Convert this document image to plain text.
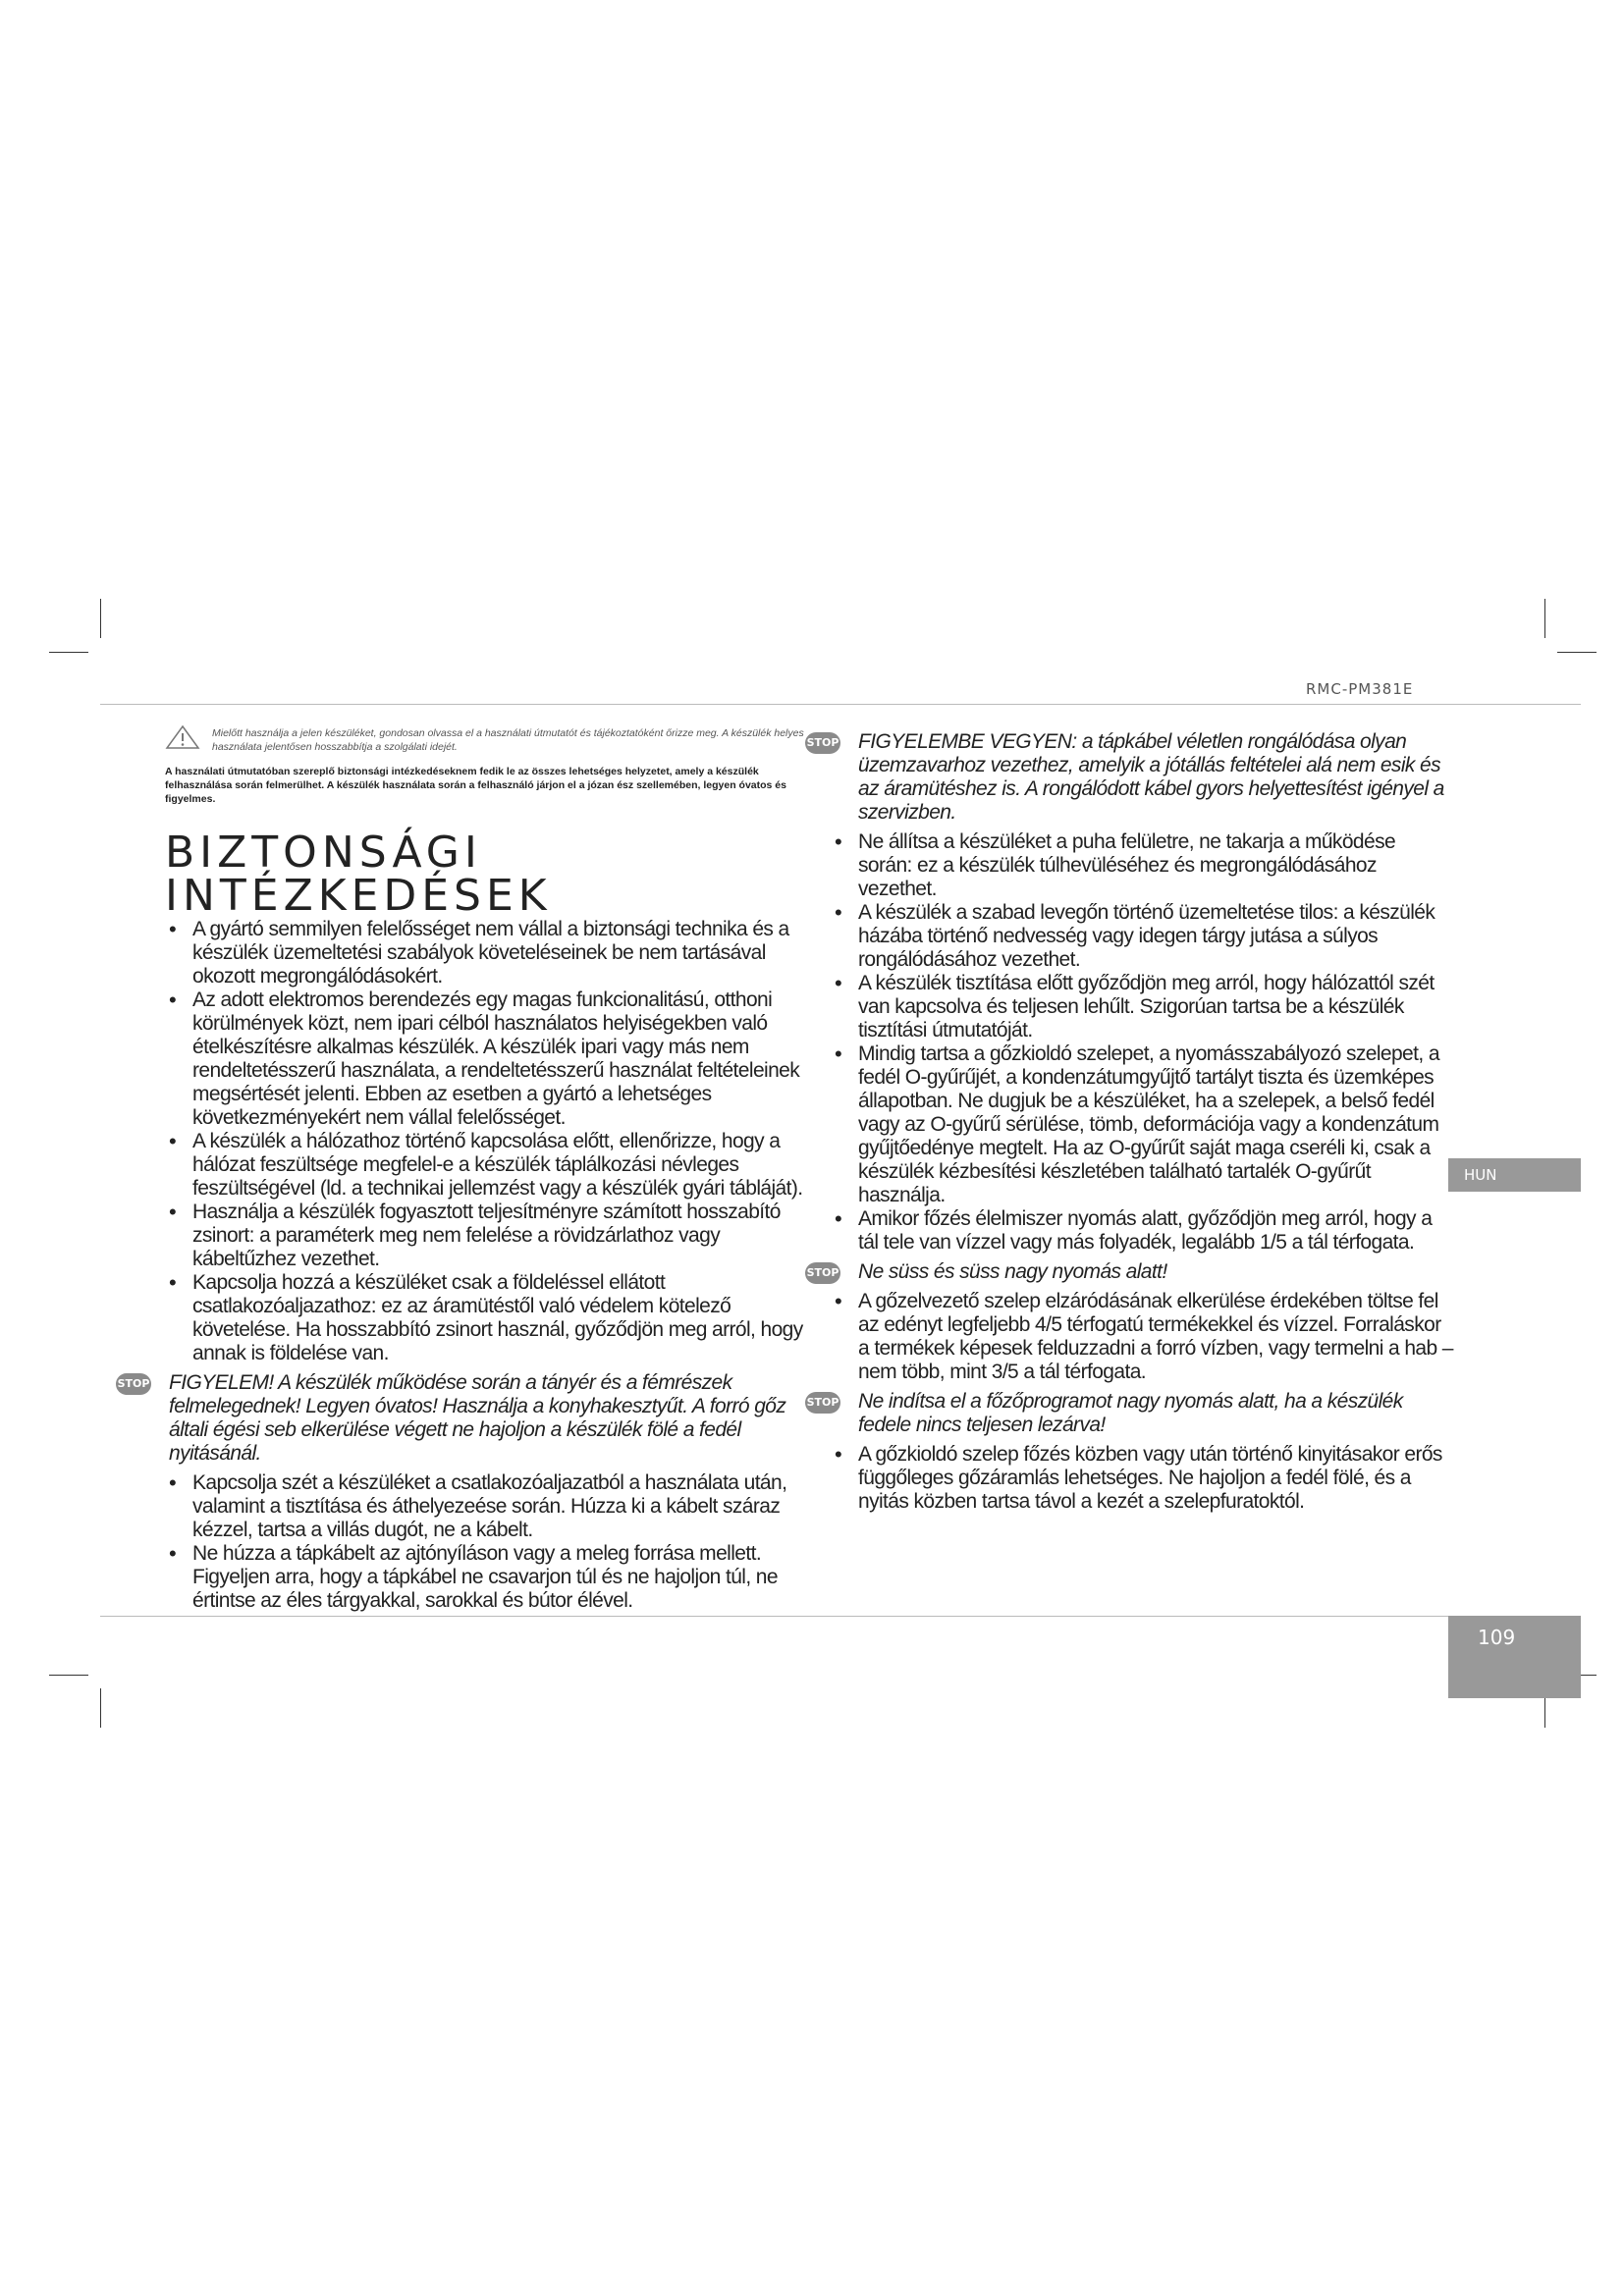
RMC-PM381E

Mielőtt használja a jelen készüléket, gondosan olvassa el a használati útmutatót és tájékoztatóként őrizze meg. A készülék helyes használata jelentősen hosszabbítja a szolgálati idejét.

A használati útmutatóban szereplő biztonsági intézkedéseknem fedik le az összes lehetséges helyzetet, amely a készülék felhasználása során felmerülhet. A készülék használata során a felhasználó járjon el a józan ész szellemében, legyen óvatos és figyelmes.

BIZTONSÁGI INTÉZKEDÉSEK
• A gyártó semmilyen felelősséget nem vállal a biztonsági technika és a készülék üzemeltetési szabályok követeléseinek be nem tartásával okozott megrongálódásokért.
• Az adott elektromos berendezés egy magas funkcionalitású, otthoni körülmények közt, nem ipari célból használatos helyiségekben való ételkészítésre alkalmas készülék. A készülék ipari vagy más nem rendeltetésszerű használata, a rendeltetésszerű használat feltételeinek megsértését jelenti. Ebben az esetben a gyártó a lehetséges következményekért nem vállal felelősséget.
• A készülék a hálózathoz történő kapcsolása előtt, ellenőrizze, hogy a hálózat feszültsége megfelel-e a készülék táplálkozási névleges feszültségével (ld. a technikai jellemzést vagy a készülék gyári tábláját).
• Használja a készülék fogyasztott teljesítményre számított hosszabító zsinort: a paraméterk meg nem felelése a rövidzárlathoz vagy kábeltűzhez vezethet.
• Kapcsolja hozzá a készüléket csak a földeléssel ellátott csatlakozóaljazathoz: ez az áramütéstől való védelem kötelező követelése. Ha hosszabbító zsinort használ, győződjön meg arról, hogy annak is földelése van.
STOP FIGYELEM! A készülék működése során a tányér és a fémrészek felmelegednek! Legyen óvatos! Használja a konyhakesztyűt. A forró gőz általi égési seb elkerülése végett ne hajoljon a készülék fölé a fedél nyitásánál.
• Kapcsolja szét a készüléket a csatlakozóaljazatból a használata után, valamint a tisztítása és áthelyezeése során. Húzza ki a kábelt száraz kézzel, tartsa a villás dugót, ne a kábelt.
• Ne húzza a tápkábelt az ajtónyíláson vagy a meleg forrása mellett. Figyeljen arra, hogy a tápkábel ne csavarjon túl és ne hajoljon túl, ne értintse az éles tárgyakkal, sarokkal és bútor élével.
STOP FIGYELEMBE VEGYEN: a tápkábel véletlen rongálódása olyan üzemzavarhoz vezethez, amelyik a jótállás feltételei alá nem esik és az áramütéshez is. A rongálódott kábel gyors helyettesítést igényel a szervizben.
• Ne állítsa a készüléket a puha felületre, ne takarja a működése során: ez a készülék túlhevüléséhez és megrongálódásához vezethet.
• A készülék a szabad levegőn történő üzemeltetése tilos: a készülék házába történő nedvesség vagy idegen tárgy jutása a súlyos rongálódásához vezethet.
• A készülék tisztítása előtt győződjön meg arról, hogy hálózattól szét van kapcsolva és teljesen lehűlt. Szigorúan tartsa be a készülék tisztítási útmutatóját.
• Mindig tartsa a gőzkioldó szelepet, a nyomásszabályozó szelepet, a fedél O-gyűrűjét, a kondenzátumgyűjtő tartályt tiszta és üzemképes állapotban. Ne dugjuk be a készüléket, ha a szelepek, a belső fedél vagy az O-gyűrű sérülése, tömb, deformációja vagy a kondenzátum gyűjtőedénye megtelt. Ha az O-gyűrűt saját maga cseréli ki, csak a készülék kézbesítési készletében található tartalék O-gyűrűt használja.
• Amikor főzés élelmiszer nyomás alatt, győződjön meg arról, hogy a tál tele van vízzel vagy más folyadék, legalább 1/5 a tál térfogata.
STOP Ne süss és süss nagy nyomás alatt!
• A gőzelvezető szelep elzáródásának elkerülése érdekében töltse fel az edényt legfeljebb 4/5 térfogatú termékekkel és vízzel. Forraláskor a termékek képesek felduzzadni a forró vízben, vagy termelni a hab – nem több, mint 3/5 a tál térfogata.
STOP Ne indítsa el a főzőprogramot nagy nyomás alatt, ha a készülék fedele nincs teljesen lezárva!
• A gőzkioldó szelep főzés közben vagy után történő kinyitásakor erős függőleges gőzáramlás lehetséges. Ne hajoljon a fedél fölé, és a nyitás közben tartsa távol a kezét a szelepfuratoktól.
HUN
109
